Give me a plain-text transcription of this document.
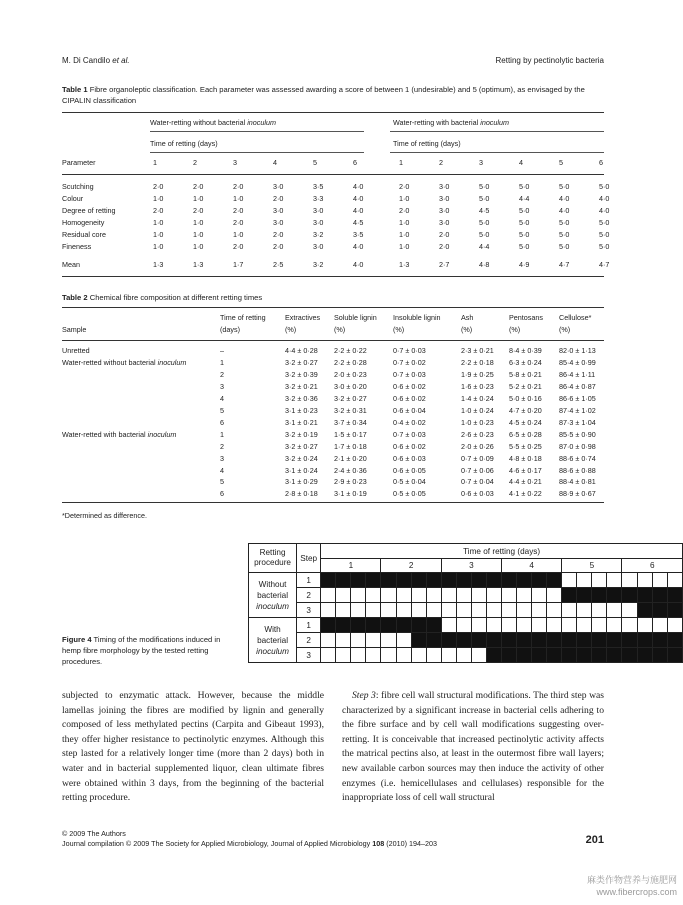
M. Di Candilo et al.	Retting by pectinolytic bacteria
Table 1 Fibre organoleptic classification. Each parameter was assessed awarding a score of between 1 (undesirable) and 5 (optimum), as envisaged by the CIPALIN classification
Water-retting without bacterial inoculum	Water-retting with bacterial inoculum
Time of retting (days)	Time of retting (days)
Parameter	1	2	3	4	5	6	1	2	3	4	5	6	
Scutching	2·0	2·0	2·0	3·0	3·5	4·0	2·0	3·0	5·0	5·0	5·0	5·0	
Colour	1·0	1·0	1·0	2·0	3·3	4·0	1·0	3·0	5·0	4·4	4·0	4·0	
Degree of retting	2·0	2·0	2·0	3·0	3·0	4·0	2·0	3·0	4·5	5·0	4·0	4·0	
Homogeneity	1·0	1·0	2·0	3·0	3·0	4·5	1·0	3·0	5·0	5·0	5·0	5·0	
Residual core	1·0	1·0	1·0	2·0	3·2	3·5	1·0	2·0	5·0	5·0	5·0	5·0	
Fineness	1·0	1·0	2·0	2·0	3·0	4·0	1·0	2·0	4·4	5·0	5·0	5·0	
Mean	1·3	1·3	1·7	2·5	3·2	4·0	1·3	2·7	4·8	4·9	4·7	4·7	
Table 2 Chemical fibre composition at different retting times
	Time of retting	Extractives	Soluble lignin	Insoluble lignin	Ash	Pentosans	Cellulose*
Sample	(days)	(%)	(%)	(%)	(%)	(%)	(%)
Unretted	–	4·4 ± 0·28	2·2 ± 0·22	0·7 ± 0·03	2·3 ± 0·21	8·4 ± 0·39	82·0 ± 1·13
Water-retted without bacterial inoculum	1	3·2 ± 0·27	2·2 ± 0·28	0·7 ± 0·02	2·2 ± 0·18	6·3 ± 0·24	85·4 ± 0·99
	2	3·2 ± 0·39	2·0 ± 0·23	0·7 ± 0·03	1·9 ± 0·25	5·8 ± 0·21	86·4 ± 1·11
	3	3·2 ± 0·21	3·0 ± 0·20	0·6 ± 0·02	1·6 ± 0·23	5·2 ± 0·21	86·4 ± 0·87
	4	3·2 ± 0·36	3·2 ± 0·27	0·6 ± 0·02	1·4 ± 0·24	5·0 ± 0·16	86·6 ± 1·05
	5	3·1 ± 0·23	3·2 ± 0·31	0·6 ± 0·04	1·0 ± 0·24	4·7 ± 0·20	87·4 ± 1·02
	6	3·1 ± 0·21	3·7 ± 0·34	0·4 ± 0·02	1·0 ± 0·23	4·5 ± 0·24	87·3 ± 1·04
Water-retted with bacterial inoculum	1	3·2 ± 0·19	1·5 ± 0·17	0·7 ± 0·03	2·6 ± 0·23	6·5 ± 0·28	85·5 ± 0·90
	2	3·2 ± 0·27	1·7 ± 0·18	0·6 ± 0·02	2·0 ± 0·26	5·5 ± 0·25	87·0 ± 0·98
	3	3·2 ± 0·24	2·1 ± 0·20	0·6 ± 0·03	0·7 ± 0·09	4·8 ± 0·18	88·6 ± 0·74
	4	3·1 ± 0·24	2·4 ± 0·36	0·6 ± 0·05	0·7 ± 0·06	4·6 ± 0·17	88·6 ± 0·88
	5	3·1 ± 0·29	2·9 ± 0·23	0·5 ± 0·04	0·7 ± 0·04	4·4 ± 0·21	88·4 ± 0·81
	6	2·8 ± 0·18	3·1 ± 0·19	0·5 ± 0·05	0·6 ± 0·03	4·1 ± 0·22	88·9 ± 0·67
*Determined as difference.
Retting procedure	Step	Time of retting (days)																							
		1				2				3				4				5				6			

Without
bacterial
inoculum	1																								
	2																								
	3																								

With
bacterial
inoculum	1																								
	2																								
	3																								
Figure 4 Timing of the modifications induced in hemp fibre morphology by the tested retting procedures.

subjected to enzymatic attack. However, because the middle lamellas joining the fibres are modified by lignin and generally composed of less methylated pectins (Carpita and Gibeaut 1993), they offer higher resistance to pectinolytic enzymes. Although this step lasted for a relatively longer time (more than 2 days) both in water and in bacterial supplemented liquor, clean ultimate fibres were obtained within 3 days, from the beginning of the bacterial retting procedure.

Step 3: fibre cell wall structural modifications. The third step was characterized by a significant increase in bacterial cells adhering to the fibre surface and by cell wall modifications suggesting over-retting. It is conceivable that increased pectinolytic activity affects the matrical pectins also, at least in the outermost fibre wall layers; new available carbon sources may then induce the activity of other enzymes (i.e. hemicellulases and cellulases) responsible for the inappropriate loss of cell wall structural

© 2009 The Authors
Journal compilation © 2009 The Society for Applied Microbiology, Journal of Applied Microbiology 108 (2010) 194–203	201
麻类作物营养与施肥网
www.fibercrops.com
